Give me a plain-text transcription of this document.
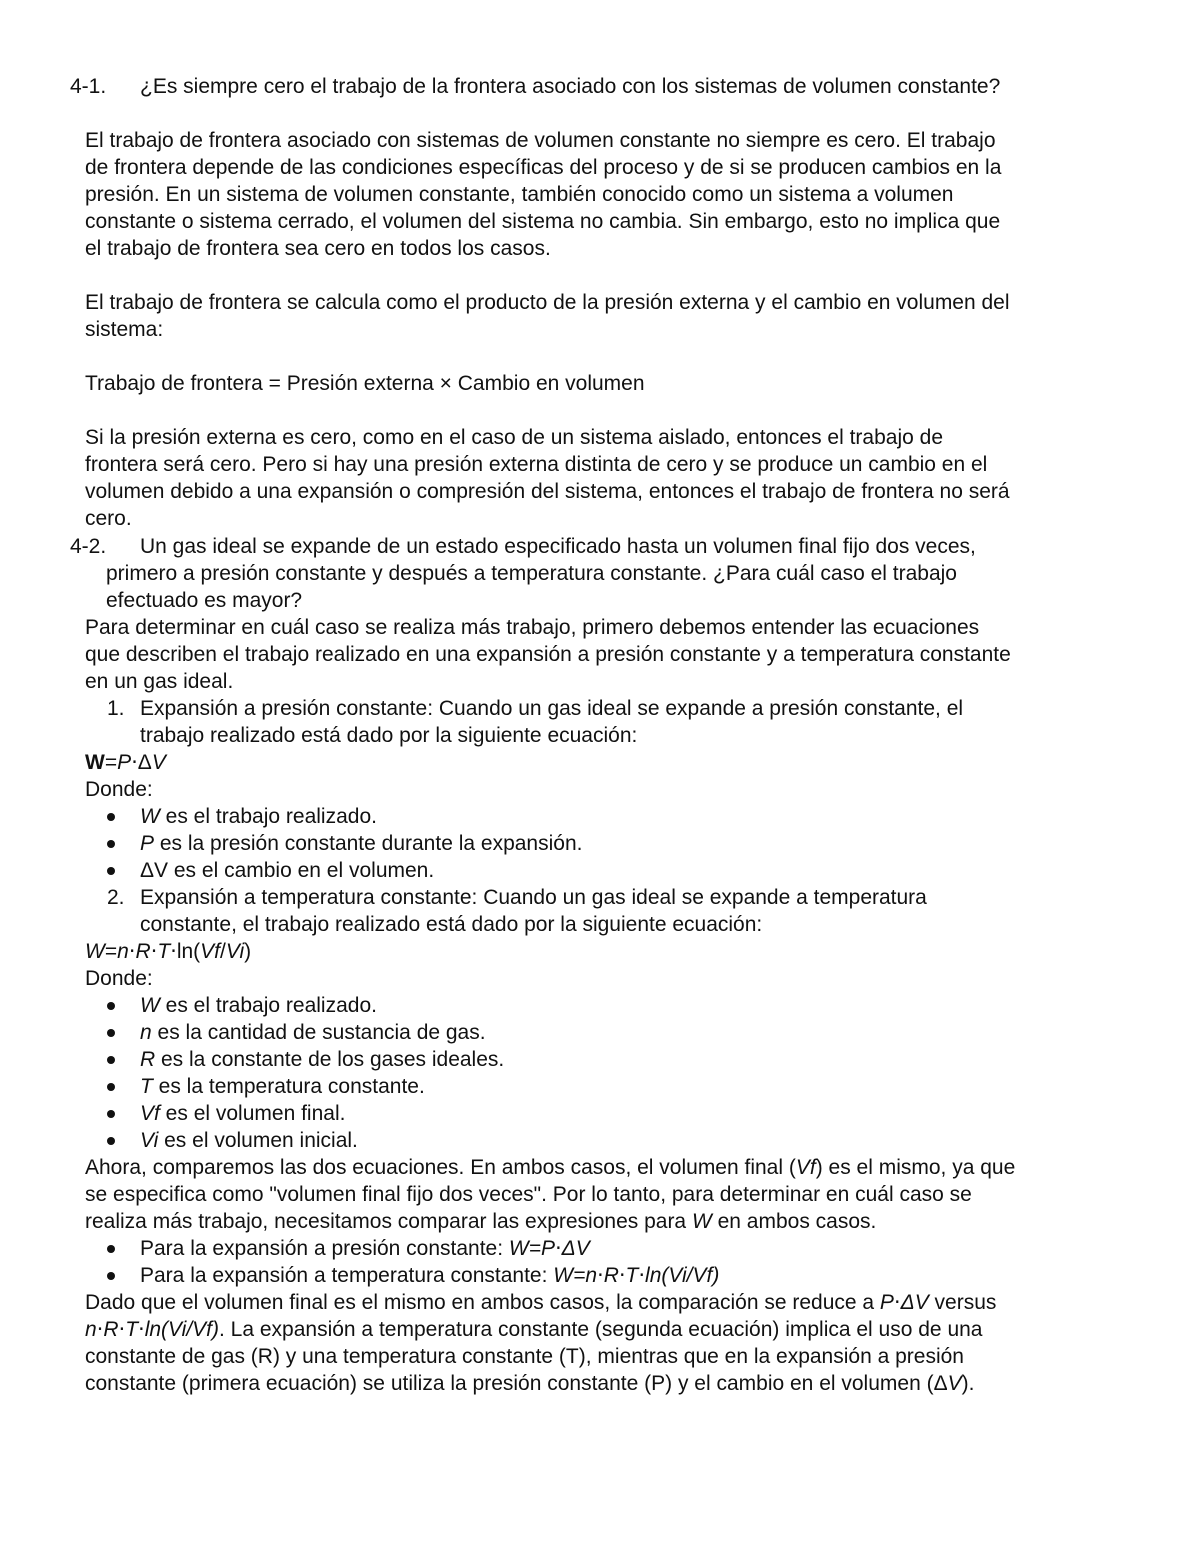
4-1. ¿Es siempre cero el trabajo de la frontera asociado con los sistemas de volumen constante?
El trabajo de frontera asociado con sistemas de volumen constante no siempre es cero. El trabajo
de frontera depende de las condiciones específicas del proceso y de si se producen cambios en la
presión. En un sistema de volumen constante, también conocido como un sistema a volumen
constante o sistema cerrado, el volumen del sistema no cambia. Sin embargo, esto no implica que
el trabajo de frontera sea cero en todos los casos.
El trabajo de frontera se calcula como el producto de la presión externa y el cambio en volumen del
sistema:
Trabajo de frontera = Presión externa × Cambio en volumen
Si la presión externa es cero, como en el caso de un sistema aislado, entonces el trabajo de
frontera será cero. Pero si hay una presión externa distinta de cero y se produce un cambio en el
volumen debido a una expansión o compresión del sistema, entonces el trabajo de frontera no será
cero.
4-2. Un gas ideal se expande de un estado especificado hasta un volumen final fijo dos veces,
primero a presión constante y después a temperatura constante. ¿Para cuál caso el trabajo
efectuado es mayor?
Para determinar en cuál caso se realiza más trabajo, primero debemos entender las ecuaciones
que describen el trabajo realizado en una expansión a presión constante y a temperatura constante
en un gas ideal.
1. Expansión a presión constante: Cuando un gas ideal se expande a presión constante, el
trabajo realizado está dado por la siguiente ecuación:
W=P⋅ΔV
Donde:
W es el trabajo realizado.
P es la presión constante durante la expansión.
ΔV es el cambio en el volumen.
2. Expansión a temperatura constante: Cuando un gas ideal se expande a temperatura
constante, el trabajo realizado está dado por la siguiente ecuación:
W=n⋅R⋅T⋅ln(Vf/Vi)
Donde:
W es el trabajo realizado.
n es la cantidad de sustancia de gas.
R es la constante de los gases ideales.
T es la temperatura constante.
Vf es el volumen final.
Vi es el volumen inicial.
Ahora, comparemos las dos ecuaciones. En ambos casos, el volumen final (Vf) es el mismo, ya que
se especifica como "volumen final fijo dos veces". Por lo tanto, para determinar en cuál caso se
realiza más trabajo, necesitamos comparar las expresiones para W en ambos casos.
Para la expansión a presión constante: W=P⋅ΔV
Para la expansión a temperatura constante: W=n⋅R⋅T⋅ln(Vi/Vf)
Dado que el volumen final es el mismo en ambos casos, la comparación se reduce a P⋅ΔV versus
n⋅R⋅T⋅ln(Vi/Vf). La expansión a temperatura constante (segunda ecuación) implica el uso de una
constante de gas (R) y una temperatura constante (T), mientras que en la expansión a presión
constante (primera ecuación) se utiliza la presión constante (P) y el cambio en el volumen (ΔV).
